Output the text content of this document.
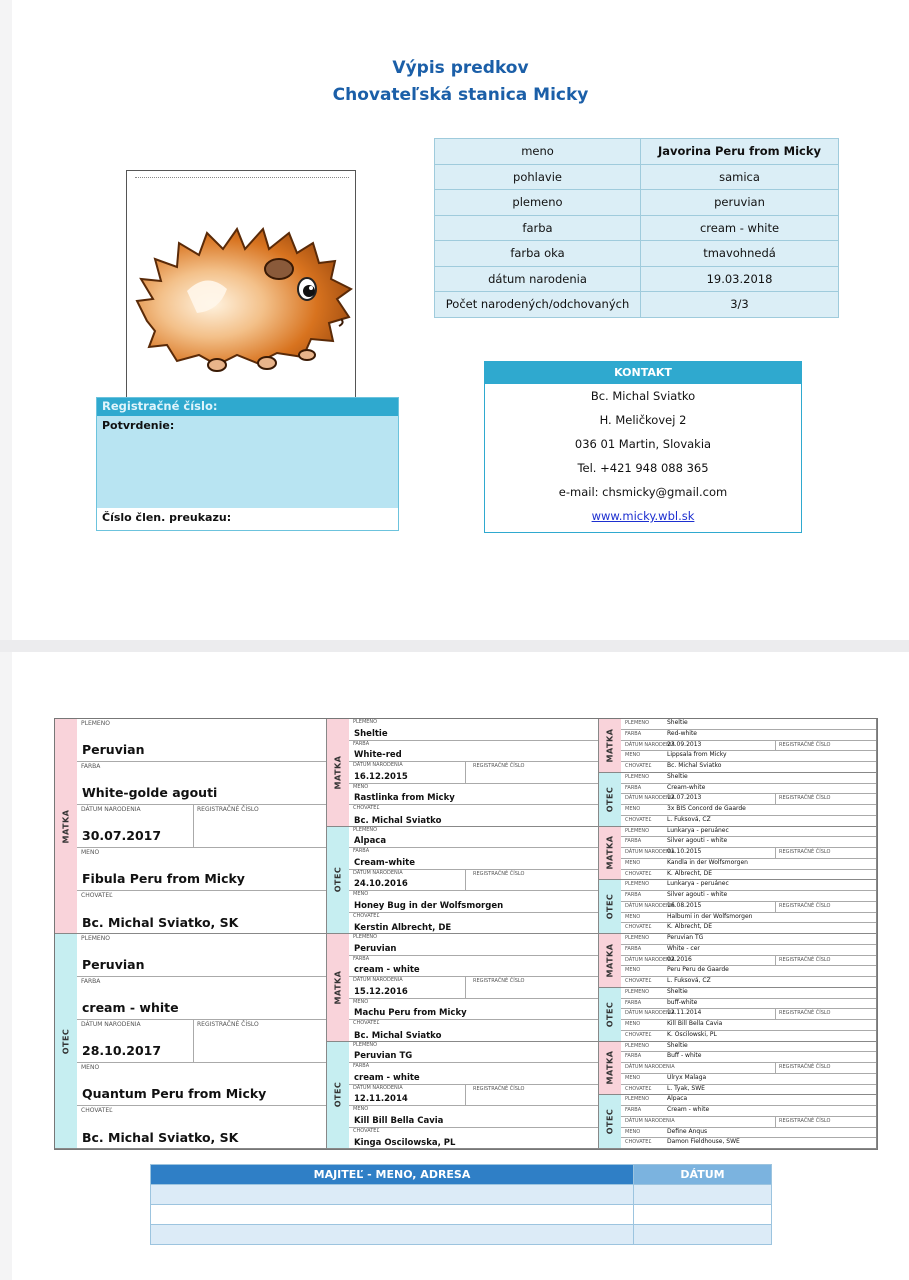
Výpis predkov
Chovateľská stanica Micky
meno	Javorina Peru from Micky
pohlavie	samica
plemeno	peruvian
farba	cream - white
farba oka	tmavohnedá
dátum narodenia	19.03.2018
Počet narodených/odchovaných	3/3
Registračné číslo:
Potvrdenie:
Číslo člen. preukazu:
KONTAKT
Bc. Michal Sviatko
H. Meličkovej 2
036 01 Martin, Slovakia
Tel. +421 948 088 365
e-mail: chsmicky@gmail.com
www.micky.wbl.sk
MATKA
PLEMENO
Peruvian
FARBA
White-golde agouti
DÁTUM NARODENIA	REGISTRAČNÉ ČÍSLO
30.07.2017
MENO
Fibula Peru from Micky
CHOVATEĽ
Bc. Michal Sviatko, SK
OTEC
PLEMENO
Peruvian
FARBA
cream - white
DÁTUM NARODENIA	REGISTRAČNÉ ČÍSLO
28.10.2017
MENO
Quantum Peru from Micky
CHOVATEĽ
Bc. Michal Sviatko, SK
MATKA
PLEMENO
Sheltie
FARBA
White-red
DÁTUM NARODENIA	REGISTRAČNÉ ČÍSLO
16.12.2015
MENO
Rastlinka from Micky
CHOVATEĽ
Bc. Michal Sviatko
OTEC
PLEMENO
Alpaca
FARBA
Cream-white
DÁTUM NARODENIA	REGISTRAČNÉ ČÍSLO
24.10.2016
MENO
Honey Bug in der Wolfsmorgen
CHOVATEĽ
Kerstin Albrecht, DE
MATKA
PLEMENO
Peruvian
FARBA
cream - white
DÁTUM NARODENIA	REGISTRAČNÉ ČÍSLO
15.12.2016
MENO
Machu Peru from Micky
CHOVATEĽ
Bc. Michal Sviatko
OTEC
PLEMENO
Peruvian TG
FARBA
cream - white
DÁTUM NARODENIA	REGISTRAČNÉ ČÍSLO
12.11.2014
MENO
Kill Bill Bella Cavia
CHOVATEĽ
Kinga Oscilowska, PL
MATKA
PLEMENO	Sheltie
FARBA	Red-white
DÁTUM NARODENIA	REGISTRAČNÉ ČÍSLO
23.09.2013
MENO	Lippsala from Micky
CHOVATEĽ	Bc. Michal Sviatko
OTEC
PLEMENO	Sheltie
FARBA	Cream-white
DÁTUM NARODENIA	REGISTRAČNÉ ČÍSLO
12.07.2013
MENO	3x BIS Concord de Gaarde
CHOVATEĽ	L. Fuksová, CZ
MATKA
PLEMENO	Lunkarya - peruánec
FARBA	Silver agouti - white
DÁTUM NARODENIA	REGISTRAČNÉ ČÍSLO
01.10.2015
MENO	Kandla in der Wolfsmorgen
CHOVATEĽ	K. Albrecht, DE
OTEC
PLEMENO	Lunkarya - peruánec
FARBA	Silver agouti - white
DÁTUM NARODENIA	REGISTRAČNÉ ČÍSLO
16.08.2015
MENO	Halbumi in der Wolfsmorgen
CHOVATEĽ	K. Albrecht, DE
MATKA
PLEMENO	Peruvian TG
FARBA	White - cer
DÁTUM NARODENIA	REGISTRAČNÉ ČÍSLO
02.2016
MENO	Peru Peru de Gaarde
CHOVATEĽ	L. Fuksová, CZ
OTEC
PLEMENO	Sheltie
FARBA	buff-white
DÁTUM NARODENIA	REGISTRAČNÉ ČÍSLO
12.11.2014
MENO	Kill Bill Bella Cavia
CHOVATEĽ	K. Oscilowski, PL
MATKA
PLEMENO	Sheltie
FARBA	Buff - white
DÁTUM NARODENIA	REGISTRAČNÉ ČÍSLO
MENO	Ulryx Malaga
CHOVATEĽ	L. Tyak, SWE
OTEC
PLEMENO	Alpaca
FARBA	Cream - white
DÁTUM NARODENIA	REGISTRAČNÉ ČÍSLO
MENO	Define Anqus
CHOVATEĽ	Damon Fieldhouse, SWE
MAJITEĽ - MENO, ADRESA	DÁTUM
